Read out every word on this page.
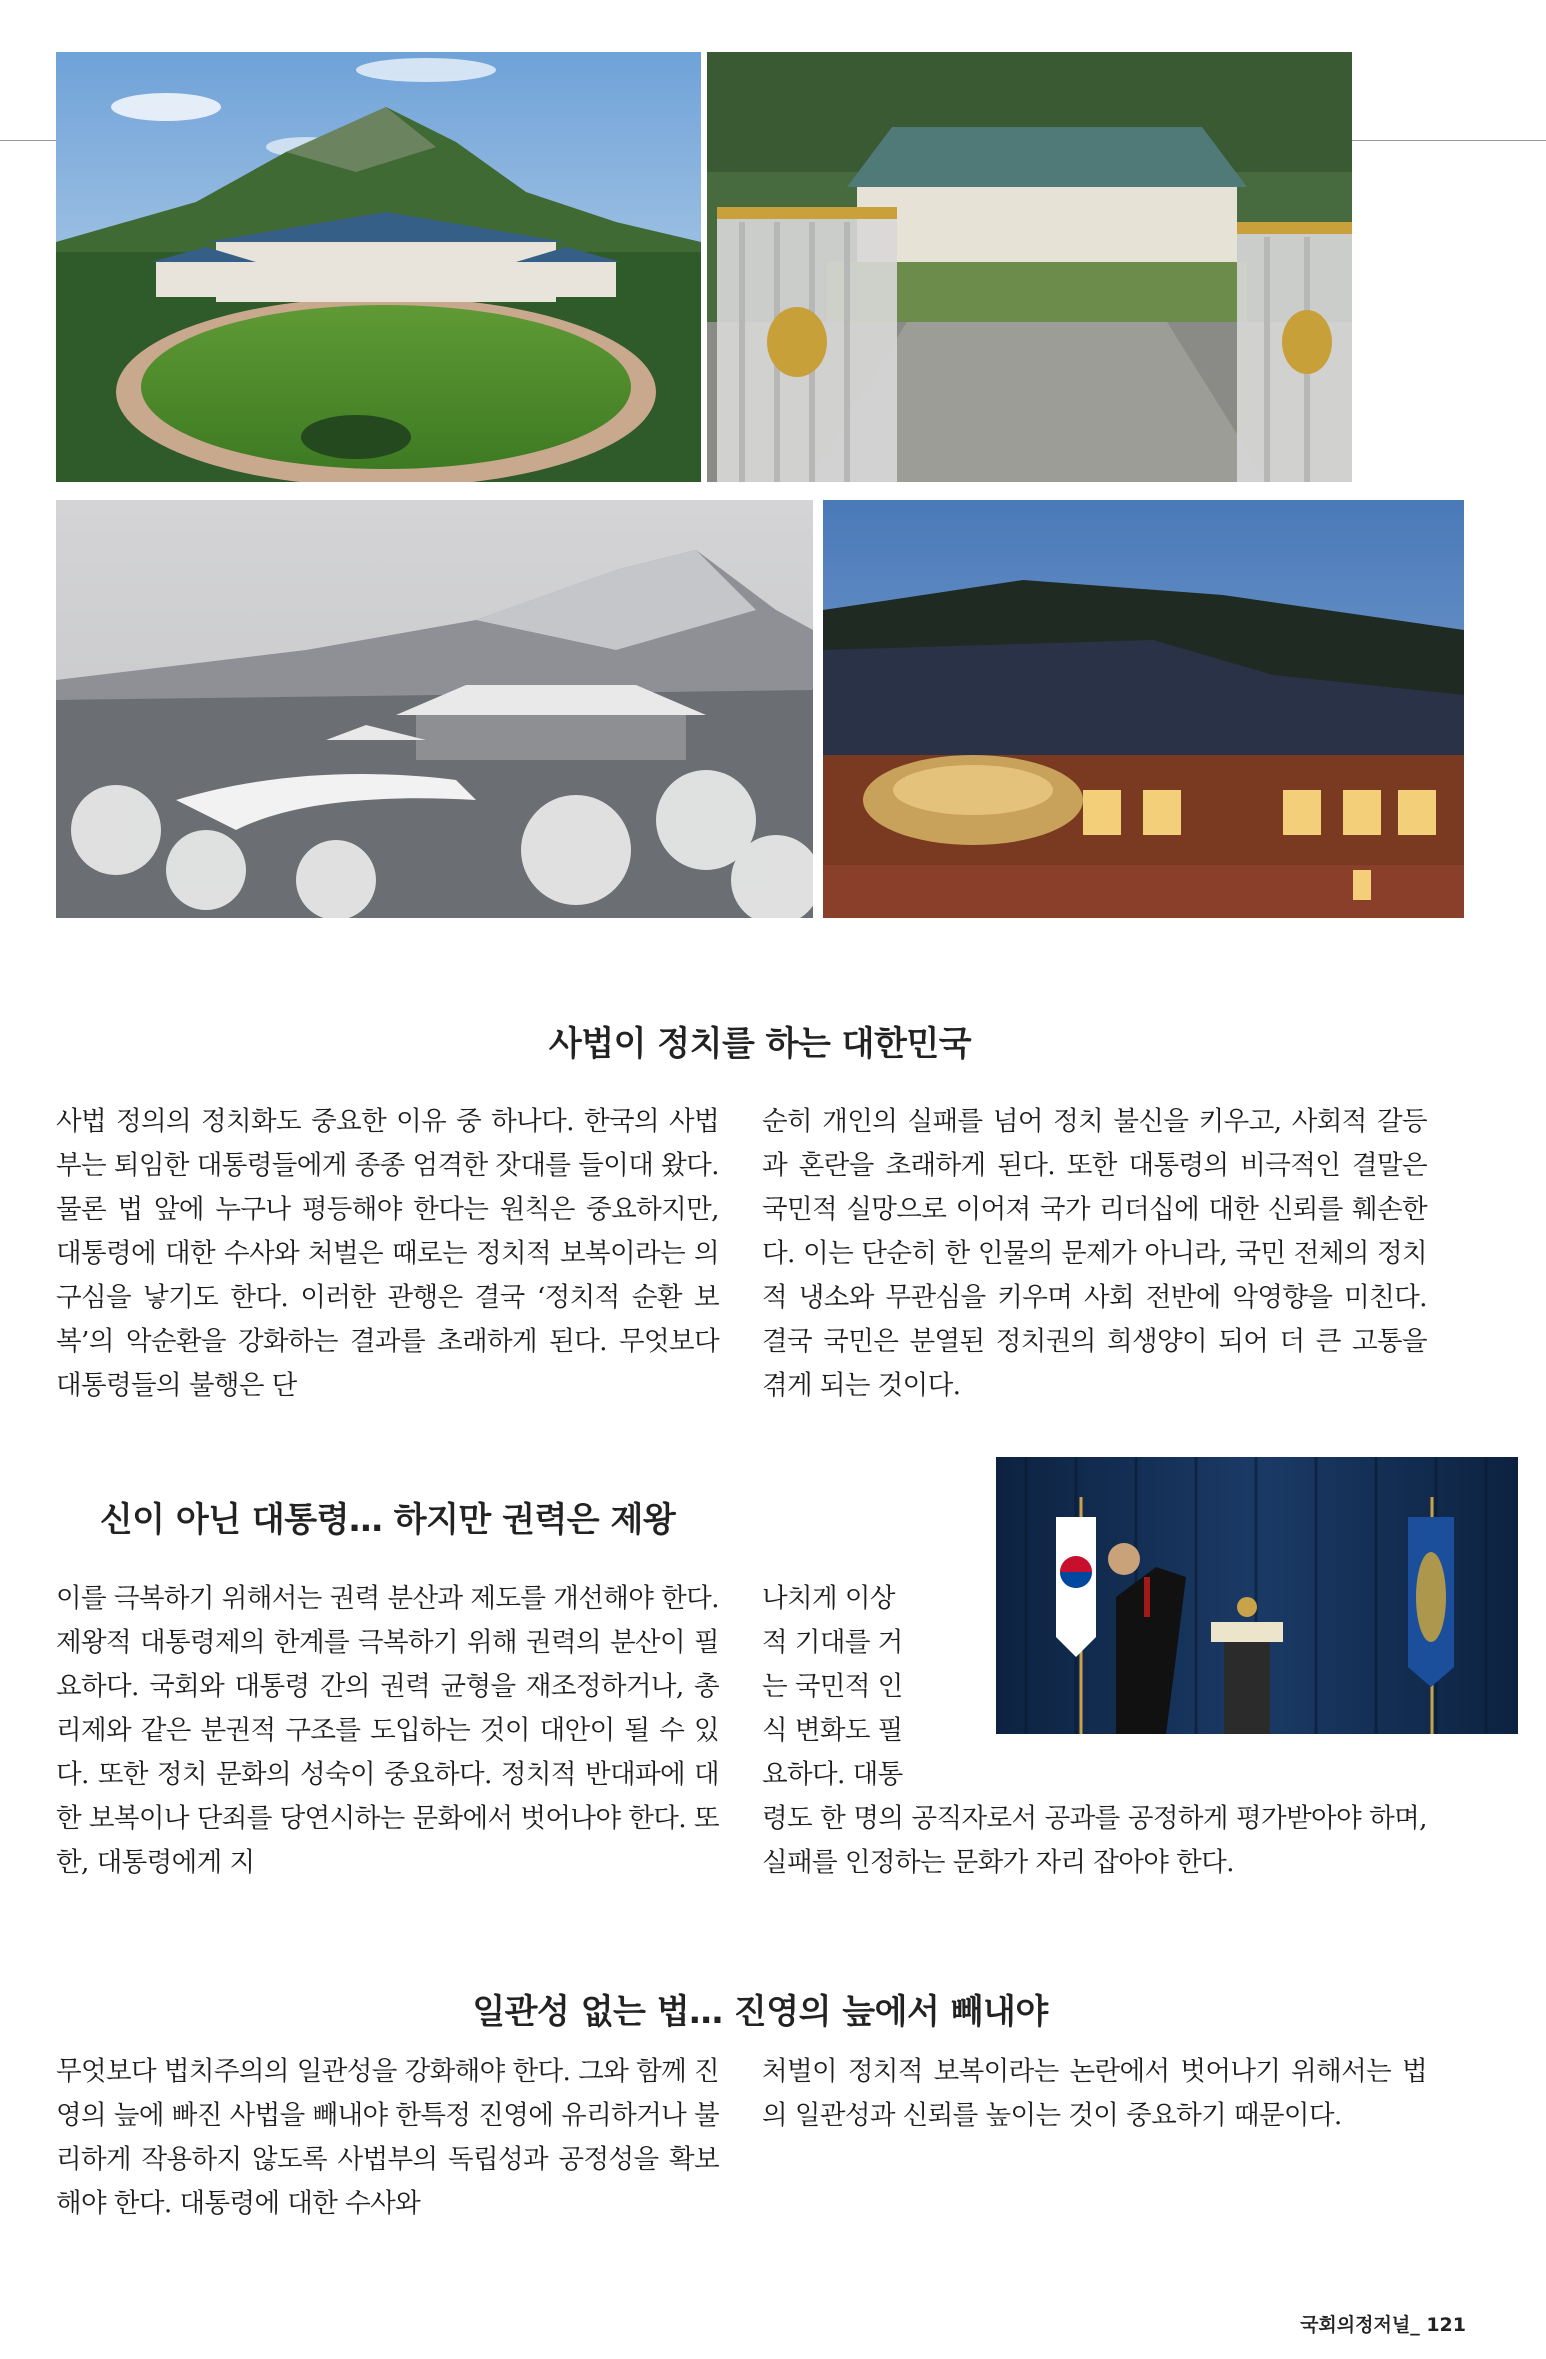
사법이 정치를 하는 대한민국

사법 정의의 정치화도 중요한 이유 중 하나다. 한국의 사법부는 퇴임한 대통령들에게 종종 엄격한 잣대를 들이대 왔다. 물론 법 앞에 누구나 평등해야 한다는 원칙은 중요하지만, 대통령에 대한 수사와 처벌은 때로는 정치적 보복이라는 의구심을 낳기도 한다. 이러한 관행은 결국 ‘정치적 순환 보복’의 악순환을 강화하는 결과를 초래하게 된다. 무엇보다 대통령들의 불행은 단

순히 개인의 실패를 넘어 정치 불신을 키우고, 사회적 갈등과 혼란을 초래하게 된다. 또한 대통령의 비극적인 결말은 국민적 실망으로 이어져 국가 리더십에 대한 신뢰를 훼손한다. 이는 단순히 한 인물의 문제가 아니라, 국민 전체의 정치적 냉소와 무관심을 키우며 사회 전반에 악영향을 미친다. 결국 국민은 분열된 정치권의 희생양이 되어 더 큰 고통을 겪게 되는 것이다.

신이 아닌 대통령… 하지만 권력은 제왕

이를 극복하기 위해서는 권력 분산과 제도를 개선해야 한다. 제왕적 대통령제의 한계를 극복하기 위해 권력의 분산이 필요하다. 국회와 대통령 간의 권력 균형을 재조정하거나, 총리제와 같은 분권적 구조를 도입하는 것이 대안이 될 수 있다. 또한 정치 문화의 성숙이 중요하다. 정치적 반대파에 대한 보복이나 단죄를 당연시하는 문화에서 벗어나야 한다. 또한, 대통령에게 지

나치게 이상

적 기대를 거

는 국민적 인

식 변화도 필

요하다. 대통

령도 한 명의 공직자로서 공과를 공정하게 평가받아야 하며, 실패를 인정하는 문화가 자리 잡아야 한다.

일관성 없는 법… 진영의 늪에서 빼내야

무엇보다 법치주의의 일관성을 강화해야 한다. 그와 함께 진영의 늪에 빠진 사법을 빼내야 한특정 진영에 유리하거나 불리하게 작용하지 않도록 사법부의 독립성과 공정성을 확보해야 한다. 대통령에 대한 수사와

처벌이 정치적 보복이라는 논란에서 벗어나기 위해서는 법의 일관성과 신뢰를 높이는 것이 중요하기 때문이다.

국회의정저널_ 121
